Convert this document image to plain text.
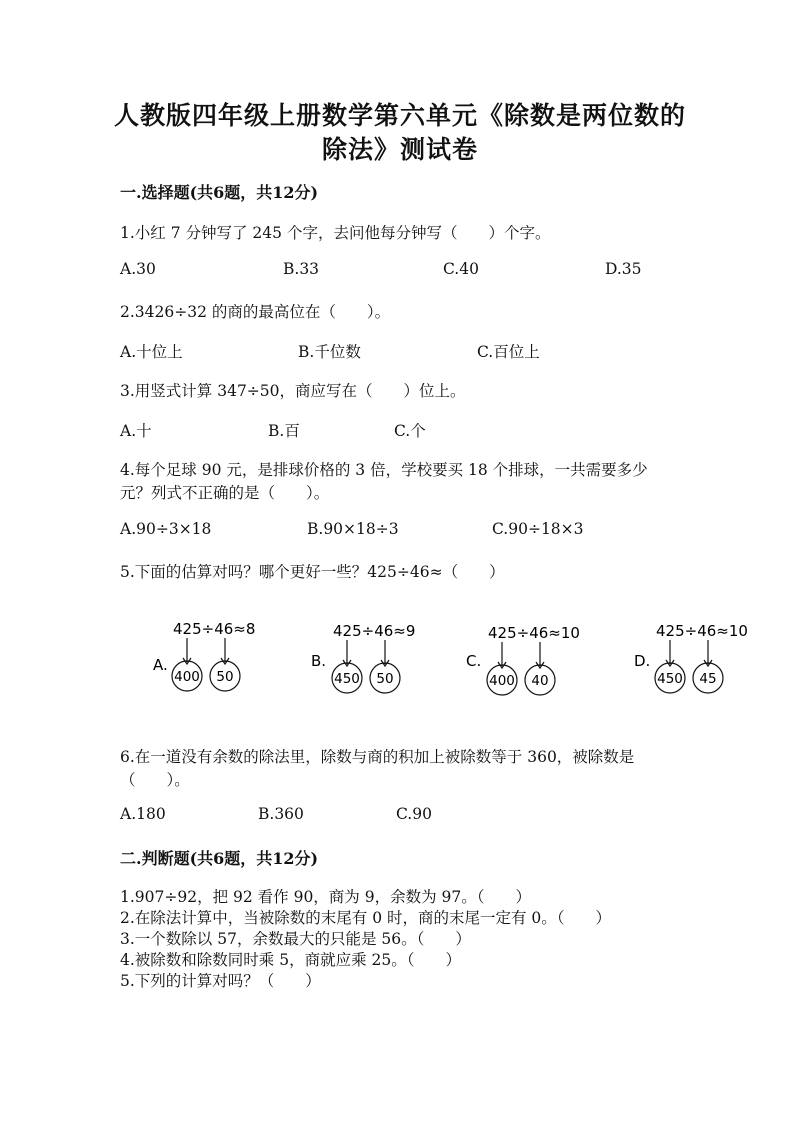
人教版四年级上册数学第六单元《除数是两位数的
除法》测试卷
一.选择题(共6题，共12分)
1.小红 7 分钟写了 245 个字，去问他每分钟写（　　）个字。
A.30	B.33	C.40	D.35
2.3426÷32 的商的最高位在（　　）。
A.十位上	B.千位数	C.百位上
3.用竖式计算 347÷50，商应写在（　　）位上。
A.十	B.百	C.个
4.每个足球 90 元，是排球价格的 3 倍，学校要买 18 个排球，一共需要多少
元？列式不正确的是（　　）。
A.90÷3×18	B.90×18÷3	C.90÷18×3
5.下面的估算对吗？哪个更好一些？425÷46≈（　　）
A.
425÷46≈8
400 50
B.
425÷46≈9
450 50
C.
425÷46≈10
400 40
D.
425÷46≈10
450 45
6.在一道没有余数的除法里，除数与商的积加上被除数等于 360，被除数是
（　　）。
A.180	B.360	C.90
二.判断题(共6题，共12分)
1.907÷92，把 92 看作 90，商为 9，余数为 97。（　　）
2.在除法计算中，当被除数的末尾有 0 时，商的末尾一定有 0。（　　）
3.一个数除以 57，余数最大的只能是 56。（　　）
4.被除数和除数同时乘 5，商就应乘 25。（　　）
5.下列的计算对吗？（　　）
